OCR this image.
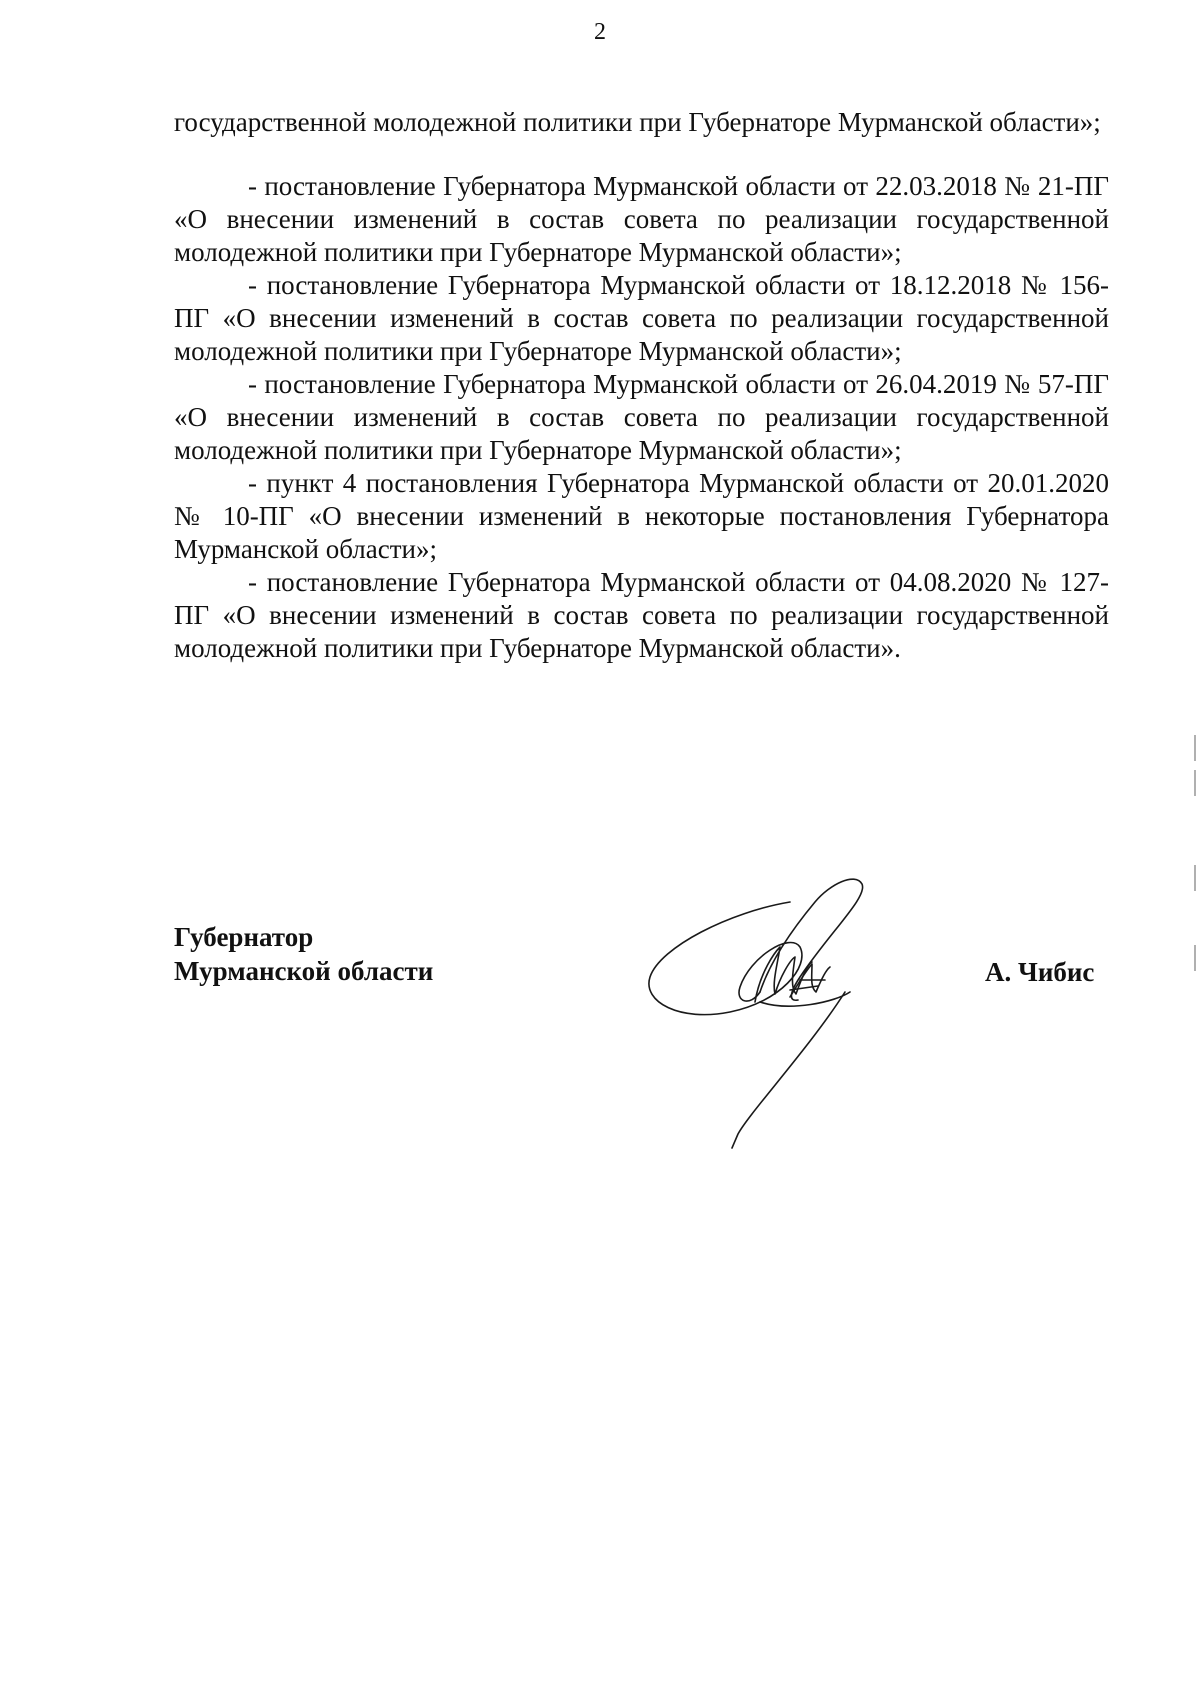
2

государственной молодежной политики при Губернаторе Мурманской области»;

- постановление Губернатора Мурманской области от 22.03.2018 № 21-ПГ «О внесении изменений в состав совета по реализации государственной молодежной политики при Губернаторе Мурманской области»;

- постановление Губернатора Мурманской области от 18.12.2018 № 156-ПГ «О внесении изменений в состав совета по реализации государственной молодежной политики при Губернаторе Мурманской области»;

- постановление Губернатора Мурманской области от 26.04.2019 № 57-ПГ «О внесении изменений в состав совета по реализации государственной молодежной политики при Губернаторе Мурманской области»;

- пункт 4 постановления Губернатора Мурманской области от 20.01.2020 № 10-ПГ «О внесении изменений в некоторые постановления Губернатора Мурманской области»;

- постановление Губернатора Мурманской области от 04.08.2020 № 127-ПГ «О внесении изменений в состав совета по реализации государственной молодежной политики при Губернаторе Мурманской области».

Губернатор
Мурманской области	А. Чибис
